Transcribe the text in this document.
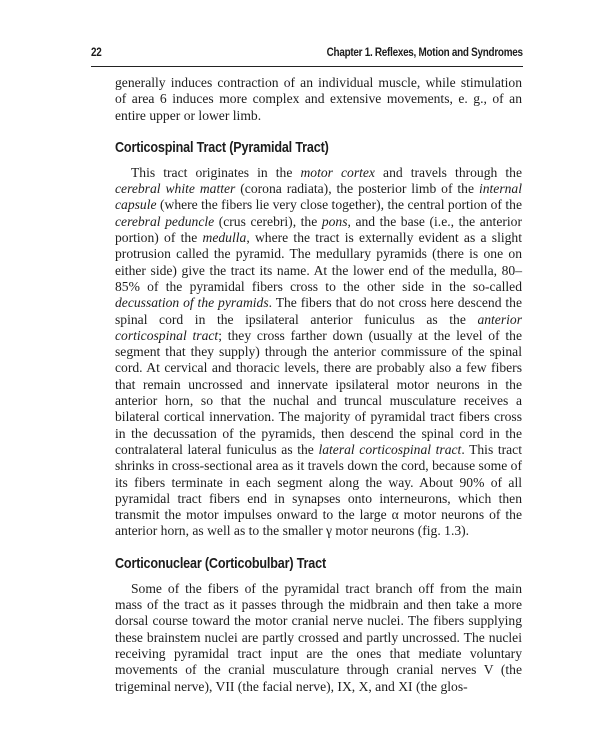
22	Chapter 1. Reflexes, Motion and Syndromes

generally induces contraction of an individual muscle, while stimulation of area 6 induces more complex and extensive movements, e. g., of an entire upper or lower limb.

Corticospinal Tract (Pyramidal Tract)

This tract originates in the motor cortex and travels through the cerebral white matter (corona radiata), the posterior limb of the internal capsule (where the fibers lie very close together), the central portion of the cerebral peduncle (crus cerebri), the pons, and the base (i.e., the anterior portion) of the medulla, where the tract is externally evident as a slight protrusion called the pyramid. The medullary pyramids (there is one on either side) give the tract its name. At the lower end of the medulla, 80–85% of the pyramidal fibers cross to the other side in the so-called decussation of the pyramids. The fibers that do not cross here descend the spinal cord in the ipsilateral anterior funiculus as the anterior corticospinal tract; they cross farther down (usually at the level of the segment that they supply) through the anterior commissure of the spinal cord. At cervical and thoracic levels, there are probably also a few fibers that remain uncrossed and innervate ipsilateral motor neurons in the anterior horn, so that the nuchal and truncal musculature receives a bilateral cortical innervation. The majority of pyramidal tract fibers cross in the decussation of the pyramids, then descend the spinal cord in the contralateral lateral funiculus as the lateral corticospinal tract. This tract shrinks in cross-sectional area as it travels down the cord, because some of its fibers terminate in each segment along the way. About 90% of all pyramidal tract fibers end in synapses onto interneurons, which then transmit the motor impulses onward to the large α motor neurons of the anterior horn, as well as to the smaller γ motor neurons (fig. 1.3).

Corticonuclear (Corticobulbar) Tract

Some of the fibers of the pyramidal tract branch off from the main mass of the tract as it passes through the midbrain and then take a more dorsal course toward the motor cranial nerve nuclei. The fibers supplying these brainstem nuclei are partly crossed and partly uncrossed. The nuclei receiving pyramidal tract input are the ones that mediate voluntary movements of the cranial musculature through cranial nerves V (the trigeminal nerve), VII (the facial nerve), IX, X, and XI (the glos-
